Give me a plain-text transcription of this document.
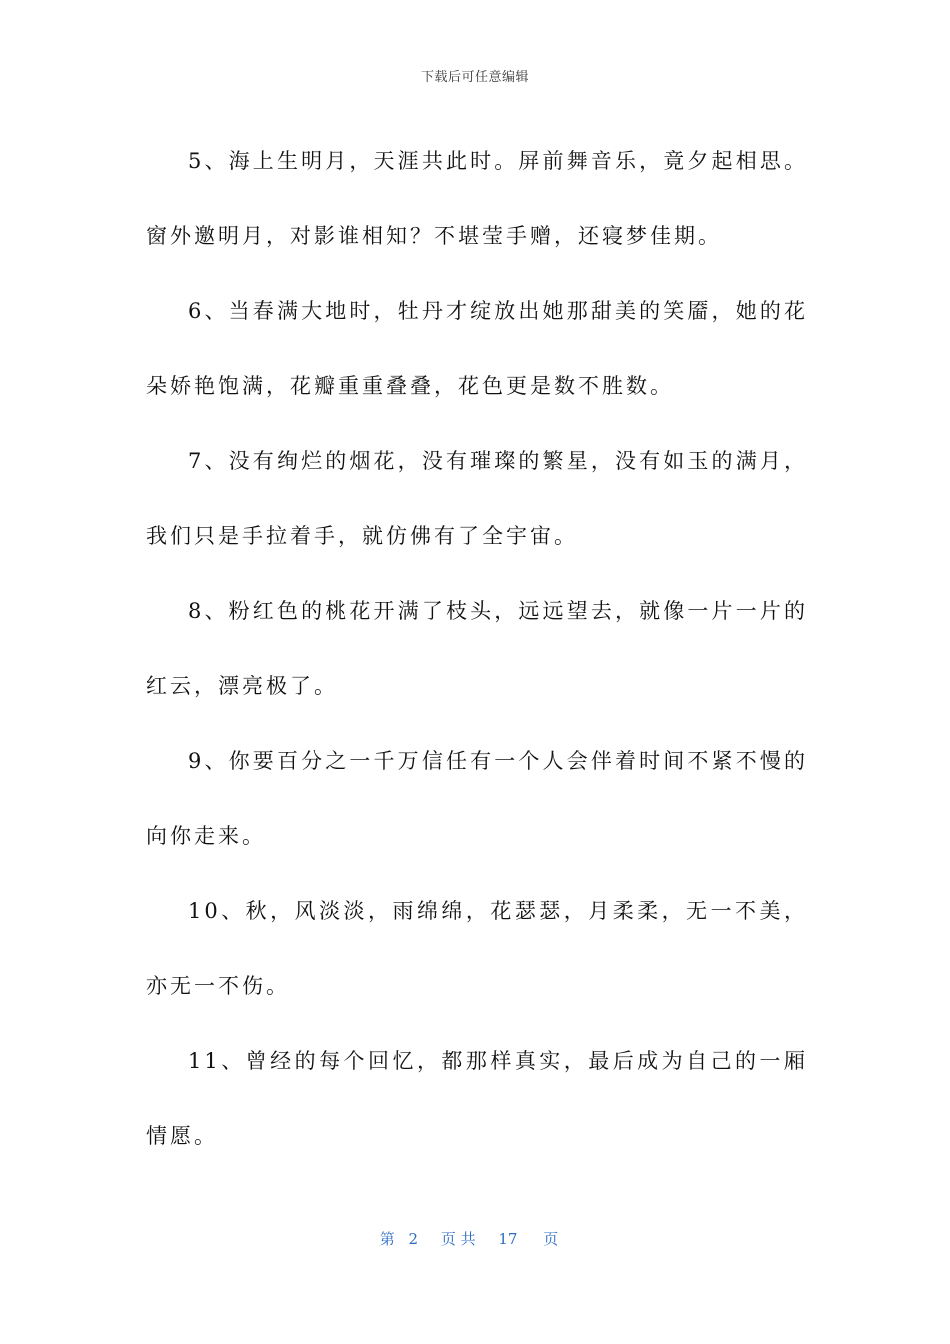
下载后可任意编辑

5、海上生明月，天涯共此时。屏前舞音乐，竟夕起相思。窗外邀明月，对影谁相知？不堪莹手赠，还寝梦佳期。

6、当春满大地时，牡丹才绽放出她那甜美的笑靥，她的花朵娇艳饱满，花瓣重重叠叠，花色更是数不胜数。

7、没有绚烂的烟花，没有璀璨的繁星，没有如玉的满月，我们只是手拉着手，就仿佛有了全宇宙。

8、粉红色的桃花开满了枝头，远远望去，就像一片一片的红云，漂亮极了。

9、你要百分之一千万信任有一个人会伴着时间不紧不慢的向你走来。

10、秋，风淡淡，雨绵绵，花瑟瑟，月柔柔，无一不美，亦无一不伤。

11、曾经的每个回忆，都那样真实，最后成为自己的一厢情愿。

第 2 页 共 17 页
